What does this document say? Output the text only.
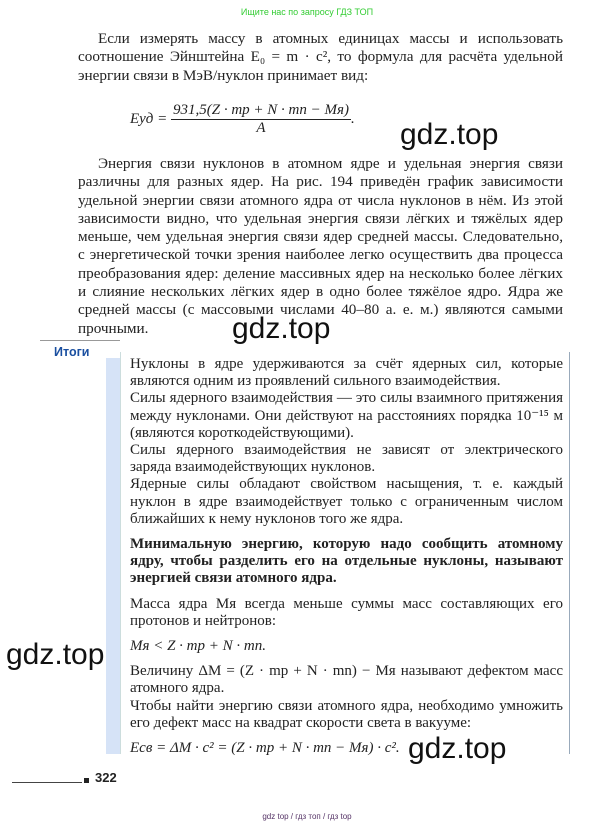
Ищите нас по запросу ГДЗ ТОП

Если измерять массу в атомных единицах массы и использовать соотношение Эйнштейна E₀ = m · c², то формула для расчёта удельной энергии связи в МэВ/нуклон принимает вид:

Eуд = $\frac{931,5(Z \cdot mp + N \cdot mn - Mя)}{A}$ . gdz.top

Энергия связи нуклонов в атомном ядре и удельная энергия связи различны для разных ядер. На рис. 194 приведён график зависимости удельной энергии связи атомного ядра от числа нуклонов в нём. Из этой зависимости видно, что удельная энергия связи лёгких и тяжёлых ядер меньше, чем удельная энергия связи ядер средней массы. Следовательно, с энергетической точки зрения наиболее легко осуществить два процесса преобразования ядер: деление массивных ядер на несколько более лёгких и слияние нескольких лёгких ядер в одно более тяжёлое ядро. Ядра же средней массы (с массовыми числами 40–80 а. е. м.) являются самыми прочными.	gdz.top
Итоги

Нуклоны в ядре удерживаются за счёт ядерных сил, которые являются одним из проявлений сильного взаимодействия.

Силы ядерного взаимодействия — это силы взаимного притяжения между нуклонами. Они действуют на расстояниях порядка 10⁻¹⁵ м (являются короткодействующими).

Силы ядерного взаимодействия не зависят от электрического заряда взаимодействующих нуклонов.

Ядерные силы обладают свойством насыщения, т. е. каждый нуклон в ядре взаимодействует только с ограниченным числом ближайших к нему нуклонов того же ядра.

Минимальную энергию, которую надо сообщить атомному ядру, чтобы разделить его на отдельные нуклоны, называют энергией связи атомного ядра.

Масса ядра Mя всегда меньше суммы масс составляющих его протонов и нейтронов:

Mя < Z · mp + N · mn.

Величину ΔM = (Z · mp + N · mn) − Mя называют дефектом масс атомного ядра.

Чтобы найти энергию связи атомного ядра, необходимо умножить его дефект масс на квадрат скорости света в вакууме:

Eсв = ΔM · c² = (Z · mp + N · mn − Mя) · c².

gdz.top
gdz.top
322
gdz top / гдз топ / гдз top
